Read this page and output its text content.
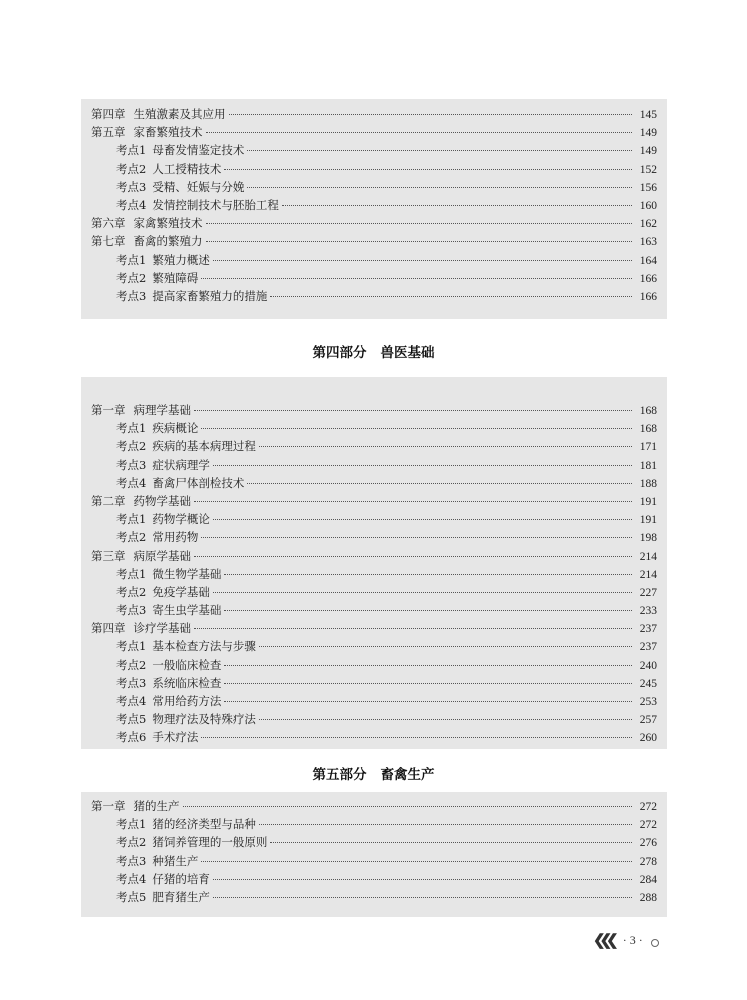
第四章 生殖激素及其应用	145
第五章 家畜繁殖技术	149
考点1 母畜发情鉴定技术	149
考点2 人工授精技术	152
考点3 受精、妊娠与分娩	156
考点4 发情控制技术与胚胎工程	160
第六章 家禽繁殖技术	162
第七章 畜禽的繁殖力	163
考点1 繁殖力概述	164
考点2 繁殖障碍	166
考点3 提高家畜繁殖力的措施	166
第四部分 兽医基础
第一章 病理学基础	168
考点1 疾病概论	168
考点2 疾病的基本病理过程	171
考点3 症状病理学	181
考点4 畜禽尸体剖检技术	188
第二章 药物学基础	191
考点1 药物学概论	191
考点2 常用药物	198
第三章 病原学基础	214
考点1 微生物学基础	214
考点2 免疫学基础	227
考点3 寄生虫学基础	233
第四章 诊疗学基础	237
考点1 基本检查方法与步骤	237
考点2 一般临床检查	240
考点3 系统临床检查	245
考点4 常用给药方法	253
考点5 物理疗法及特殊疗法	257
考点6 手术疗法	260
第五部分 畜禽生产
第一章 猪的生产	272
考点1 猪的经济类型与品种	272
考点2 猪饲养管理的一般原则	276
考点3 种猪生产	278
考点4 仔猪的培育	284
考点5 肥育猪生产	288
❮❮❮ · 3 ·
